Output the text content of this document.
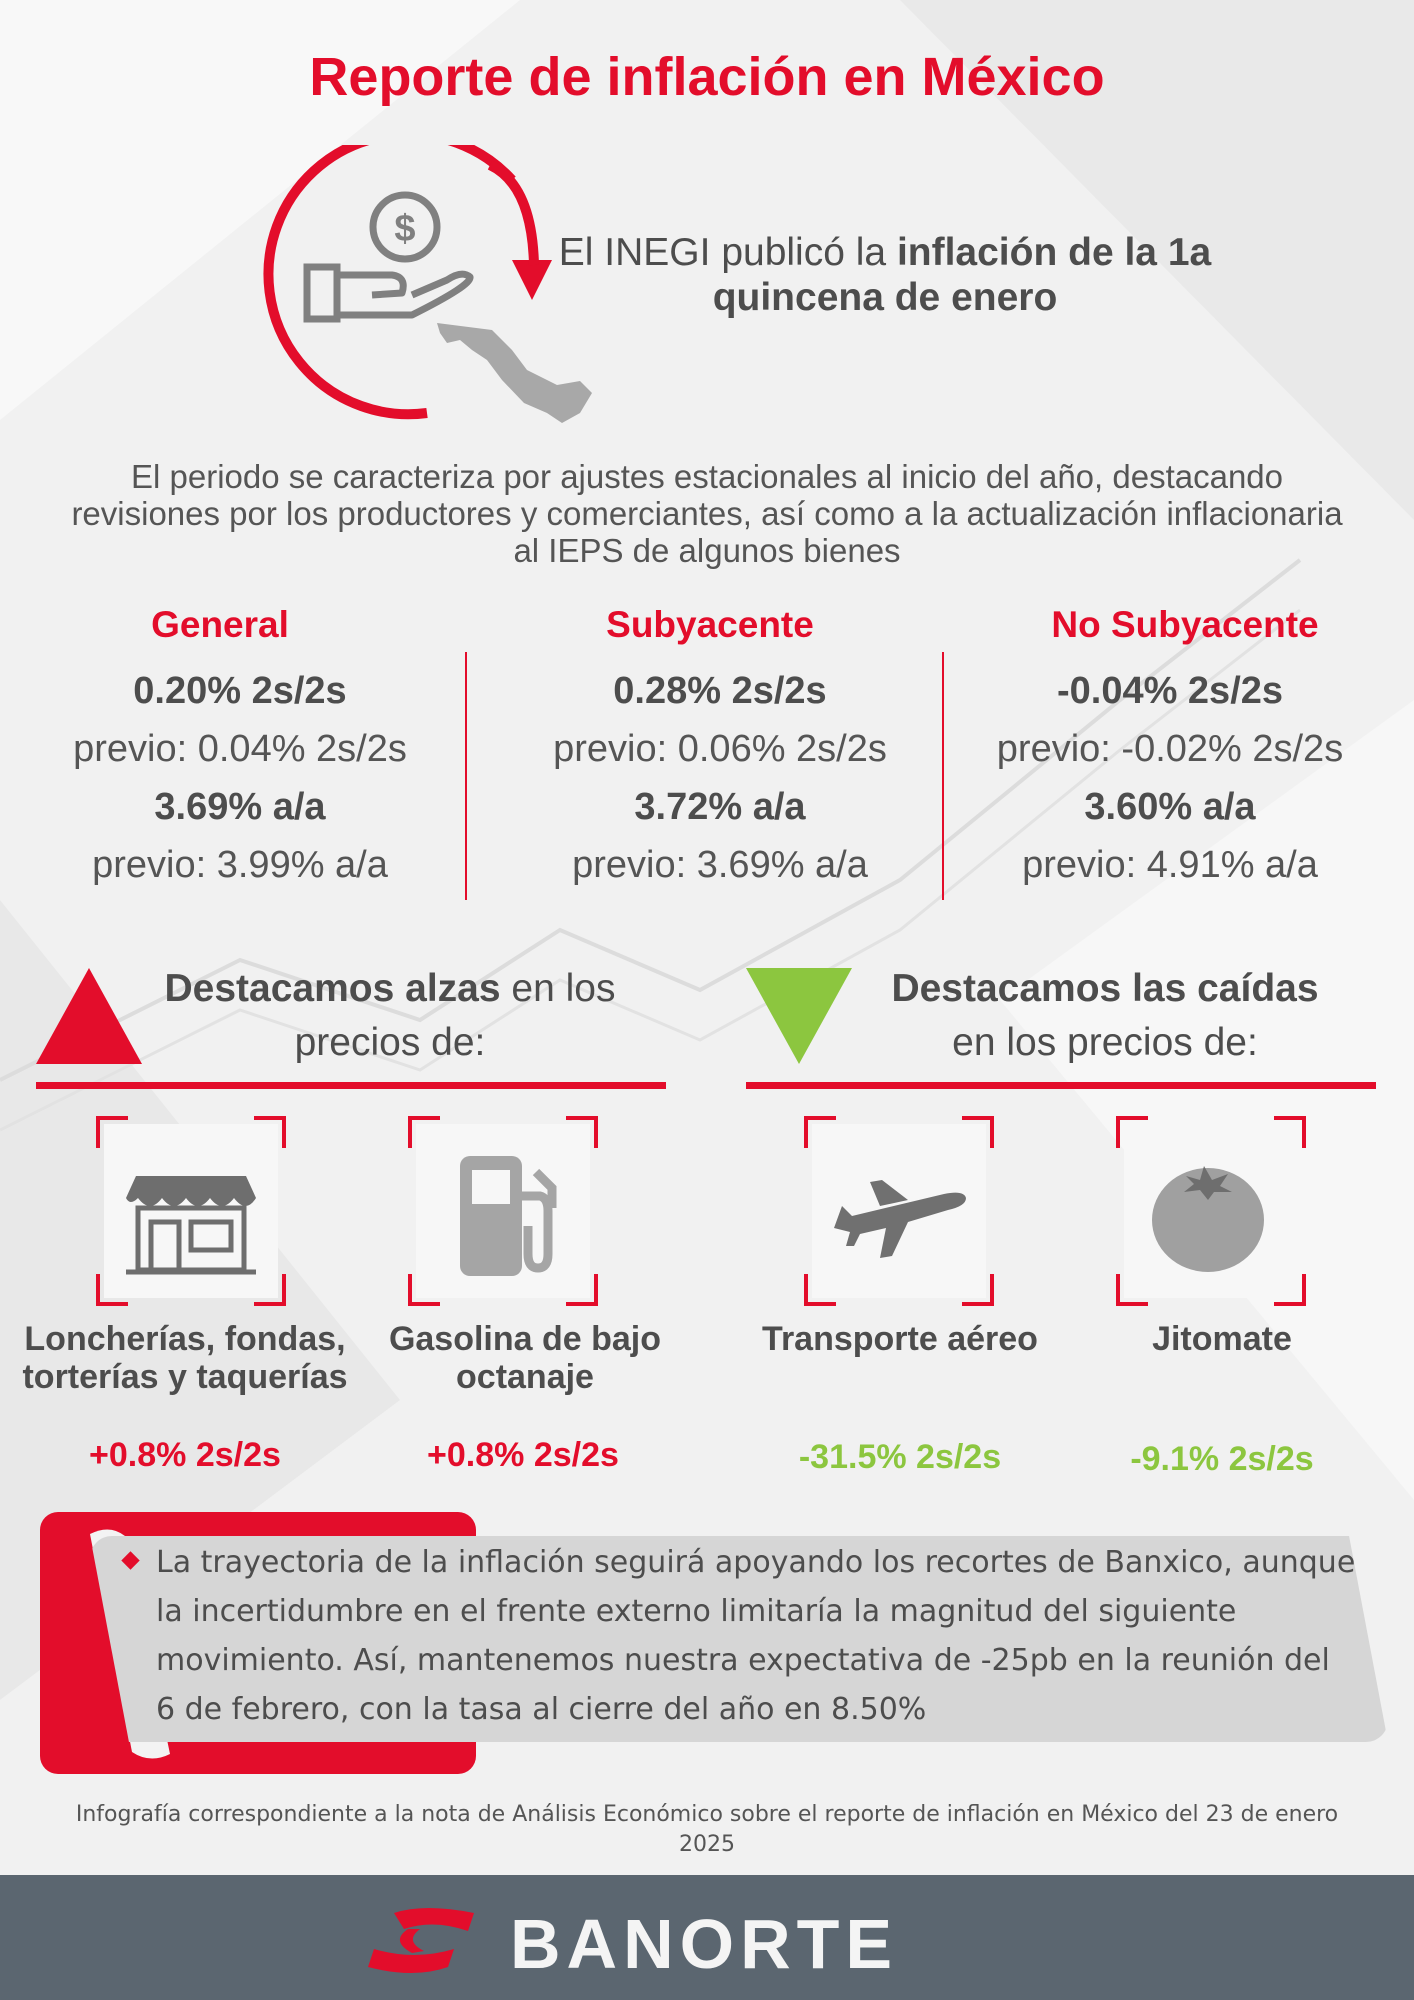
Reporte de inflación en México
$
El INEGI publicó la inflación de la 1a quincena de enero
El periodo se caracteriza por ajustes estacionales al inicio del año, destacando revisiones por los productores y comerciantes, así como a la actualización inflacionaria al IEPS de algunos bienes
General
0.20% 2s/2s
previo: 0.04% 2s/2s
3.69% a/a
previo: 3.99% a/a
Subyacente
0.28% 2s/2s
previo: 0.06% 2s/2s
3.72% a/a
previo: 3.69% a/a
No Subyacente
-0.04% 2s/2s
previo: -0.02% 2s/2s
3.60% a/a
previo: 4.91% a/a
Destacamos alzas en los precios de:
Destacamos las caídas
en los precios de:
Loncherías, fondas, torterías y taquerías
+0.8% 2s/2s
Gasolina de bajo octanaje
+0.8% 2s/2s
Transporte aéreo
-31.5% 2s/2s
Jitomate
-9.1% 2s/2s
La trayectoria de la inflación seguirá apoyando los recortes de Banxico, aunque la incertidumbre en el frente externo limitaría la magnitud del siguiente movimiento. Así, mantenemos nuestra expectativa de -25pb en la reunión del 6 de febrero, con la tasa al cierre del año en 8.50%
Infografía correspondiente a la nota de Análisis Económico sobre el reporte de inflación en México del 23 de enero 2025
BANORTE
